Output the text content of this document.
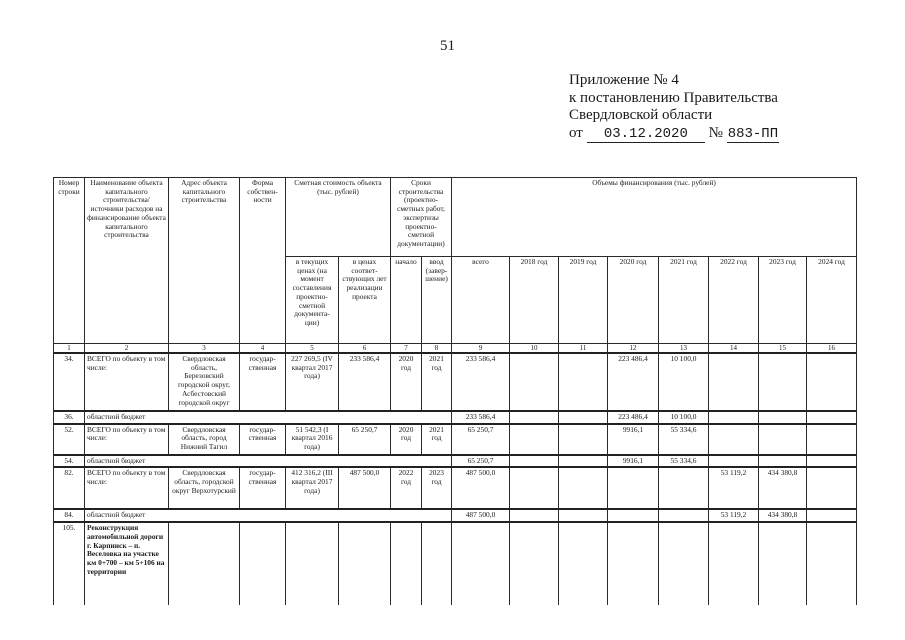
51
Приложение № 4
к постановлению Правительства
Свердловской области
от 03.12.2020 № 883-ПП
Номер строки	Наименование объекта капитального строительства/ источники расходов на финансирование объекта капитального строительства	Адрес объекта капитального строительства	Форма собствен-ности	Сметная стоимость объекта (тыс. рублей)		Сроки строительства (проектно-сметных работ, экспертизы проектно-сметной документации)		Объемы финансирования (тыс. рублей)							
				в текущих ценах (на момент составления проектно-сметной документа-ции)	в ценах соответ-ствующих лет реализации проекта	начало	ввод (завер-шение)	всего	2018 год	2019 год	2020 год	2021 год	2022 год	2023 год	2024 год
1	2	3	4	5	6	7	8	9	10	11	12	13	14	15	16
34.	ВСЕГО по объекту в том числе:	Свердловская область, Березовский городской округ, Асбестовский городской округ	государ-ственная	227 269,5 (IV квартал 2017 года)	233 586,4	2020 год	2021 год	233 586,4			223 486,4	10 100,0			
36.	областной бюджет							233 586,4			223 486,4	10 100,0			
52.	ВСЕГО по объекту в том числе:	Свердловская область, город Нижний Тагил	государ-ственная	51 542,3 (I квартал 2016 года)	65 250,7	2020 год	2021 год	65 250,7			9916,1	55 334,6			
54.	областной бюджет							65 250,7			9916,1	55 334,6			
82.	ВСЕГО по объекту в том числе:	Свердловская область, городской округ Верхотурский	государ-ственная	412 316,2 (III квартал 2017 года)	487 500,0	2022 год	2023 год	487 500,0					53 119,2	434 380,8	
84.	областной бюджет							487 500,0					53 119,2	434 380,8	
105.	Реконструкция автомобильной дороги г. Карпинск – п. Веселовка на участке км 0+700 – км 5+106 на территории														
